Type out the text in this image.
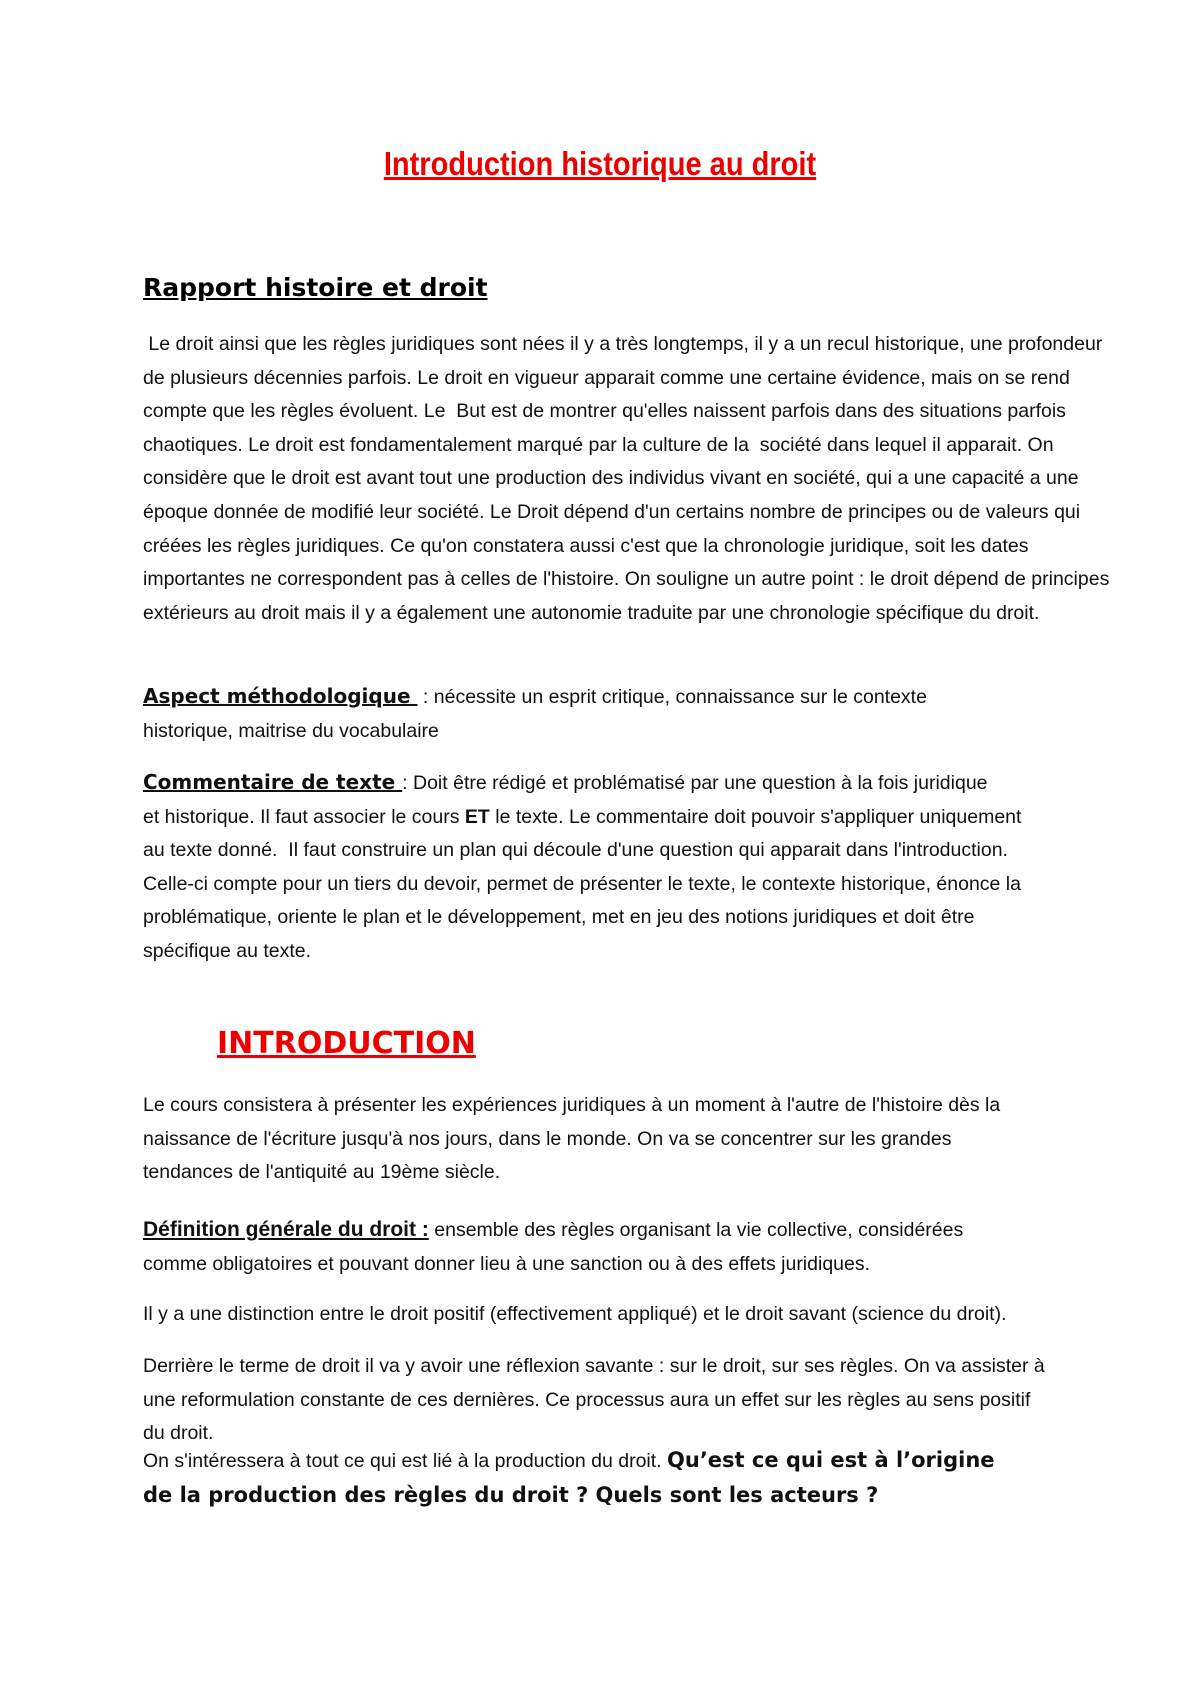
Introduction historique au droit
Rapport histoire et droit
Le droit ainsi que les règles juridiques sont nées il y a très longtemps, il y a un recul historique, une profondeur
de plusieurs décennies parfois. Le droit en vigueur apparait comme une certaine évidence, mais on se rend
compte que les règles évoluent. Le  But est de montrer qu'elles naissent parfois dans des situations parfois
chaotiques. Le droit est fondamentalement marqué par la culture de la  société dans lequel il apparait. On
considère que le droit est avant tout une production des individus vivant en société, qui a une capacité a une
époque donnée de modifié leur société. Le Droit dépend d'un certains nombre de principes ou de valeurs qui
créées les règles juridiques. Ce qu'on constatera aussi c'est que la chronologie juridique, soit les dates
importantes ne correspondent pas à celles de l'histoire. On souligne un autre point : le droit dépend de principes
extérieurs au droit mais il y a également une autonomie traduite par une chronologie spécifique du droit.
Aspect méthodologique  : nécessite un esprit critique, connaissance sur le contexte
historique, maitrise du vocabulaire
Commentaire de texte : Doit être rédigé et problématisé par une question à la fois juridique
et historique. Il faut associer le cours ET le texte. Le commentaire doit pouvoir s'appliquer uniquement
au texte donné.  Il faut construire un plan qui découle d'une question qui apparait dans l'introduction.
Celle-ci compte pour un tiers du devoir, permet de présenter le texte, le contexte historique, énonce la
problématique, oriente le plan et le développement, met en jeu des notions juridiques et doit être
spécifique au texte.
INTRODUCTION
Le cours consistera à présenter les expériences juridiques à un moment à l'autre de l'histoire dès la
naissance de l'écriture jusqu'à nos jours, dans le monde. On va se concentrer sur les grandes
tendances de l'antiquité au 19ème siècle.
Définition générale du droit : ensemble des règles organisant la vie collective, considérées
comme obligatoires et pouvant donner lieu à une sanction ou à des effets juridiques.
Il y a une distinction entre le droit positif (effectivement appliqué) et le droit savant (science du droit).
Derrière le terme de droit il va y avoir une réflexion savante : sur le droit, sur ses règles. On va assister à
une reformulation constante de ces dernières. Ce processus aura un effet sur les règles au sens positif
du droit.
On s'intéressera à tout ce qui est lié à la production du droit. Qu’est ce qui est à l’origine
de la production des règles du droit ? Quels sont les acteurs ?
